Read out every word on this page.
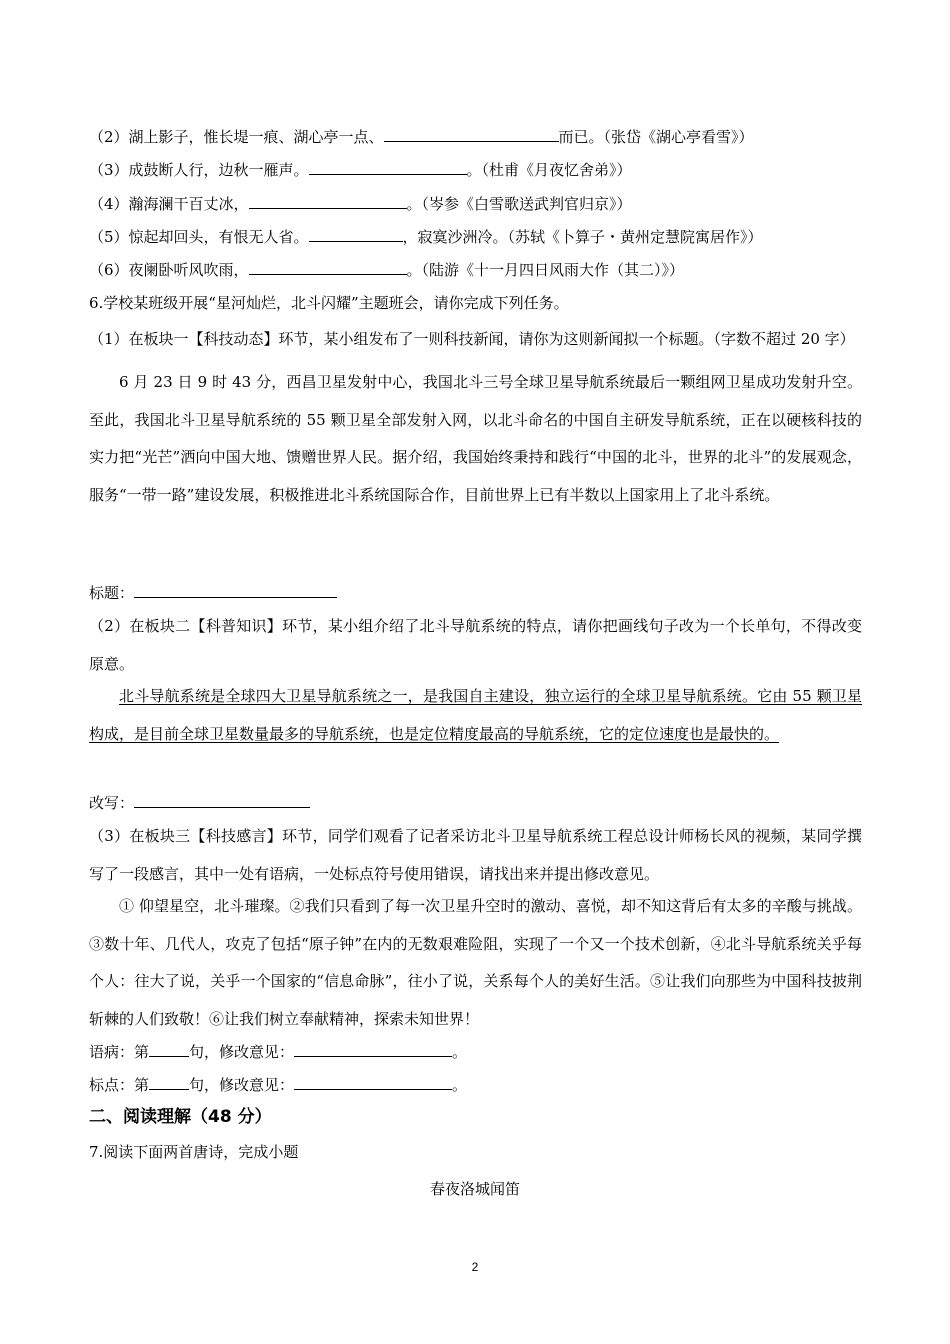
（2）湖上影子，惟长堤一痕、湖心亭一点、	而已。（张岱《湖心亭看雪》）
（3）成鼓断人行，边秋一雁声。	。（杜甫《月夜忆舍弟》）
（4）瀚海澜干百丈冰，	。（岑参《白雪歌送武判官归京》）
（5）惊起却回头，有恨无人省。	，寂寞沙洲冷。（苏轼《卜算子・黄州定慧院寓居作》）
（6）夜阑卧听风吹雨，	。（陆游《十一月四日风雨大作（其二）》）
6.学校某班级开展“星河灿烂，北斗闪耀”主题班会，请你完成下列任务。
（1）在板块一【科技动态】环节，某小组发布了一则科技新闻，请你为这则新闻拟一个标题。（字数不超过 20 字）
6 月 23 日 9 时 43 分，西昌卫星发射中心，我国北斗三号全球卫星导航系统最后一颗组网卫星成功发射升空。至此，我国北斗卫星导航系统的 55 颗卫星全部发射入网，以北斗命名的中国自主研发导航系统，正在以硬核科技的实力把“光芒”洒向中国大地、馈赠世界人民。据介绍，我国始终秉持和践行“中国的北斗，世界的北斗”的发展观念，服务“一带一路”建设发展，积极推进北斗系统国际合作，目前世界上已有半数以上国家用上了北斗系统。
标题：
（2）在板块二【科普知识】环节，某小组介绍了北斗导航系统的特点，请你把画线句子改为一个长单句，不得改变原意。
北斗导航系统是全球四大卫星导航系统之一，是我国自主建设，独立运行的全球卫星导航系统。它由 55 颗卫星构成，是目前全球卫星数量最多的导航系统，也是定位精度最高的导航系统，它的定位速度也是最快的。
改写：
（3）在板块三【科技感言】环节，同学们观看了记者采访北斗卫星导航系统工程总设计师杨长风的视频，某同学撰写了一段感言，其中一处有语病，一处标点符号使用错误，请找出来并提出修改意见。
① 仰望星空，北斗璀璨。②我们只看到了每一次卫星升空时的激动、喜悦，却不知这背后有太多的辛酸与挑战。③数十年、几代人，攻克了包括“原子钟”在内的无数艰难险阻，实现了一个又一个技术创新，④北斗导航系统关乎每个人：往大了说，关乎一个国家的“信息命脉”，往小了说，关系每个人的美好生活。⑤让我们向那些为中国科技披荆斩棘的人们致敬！⑥让我们树立奉献精神，探索未知世界！
语病：第	句，修改意见：	。
标点：第	句，修改意见：	。
二、阅读理解（48 分）
7.阅读下面两首唐诗，完成小题
春夜洛城闻笛
2
